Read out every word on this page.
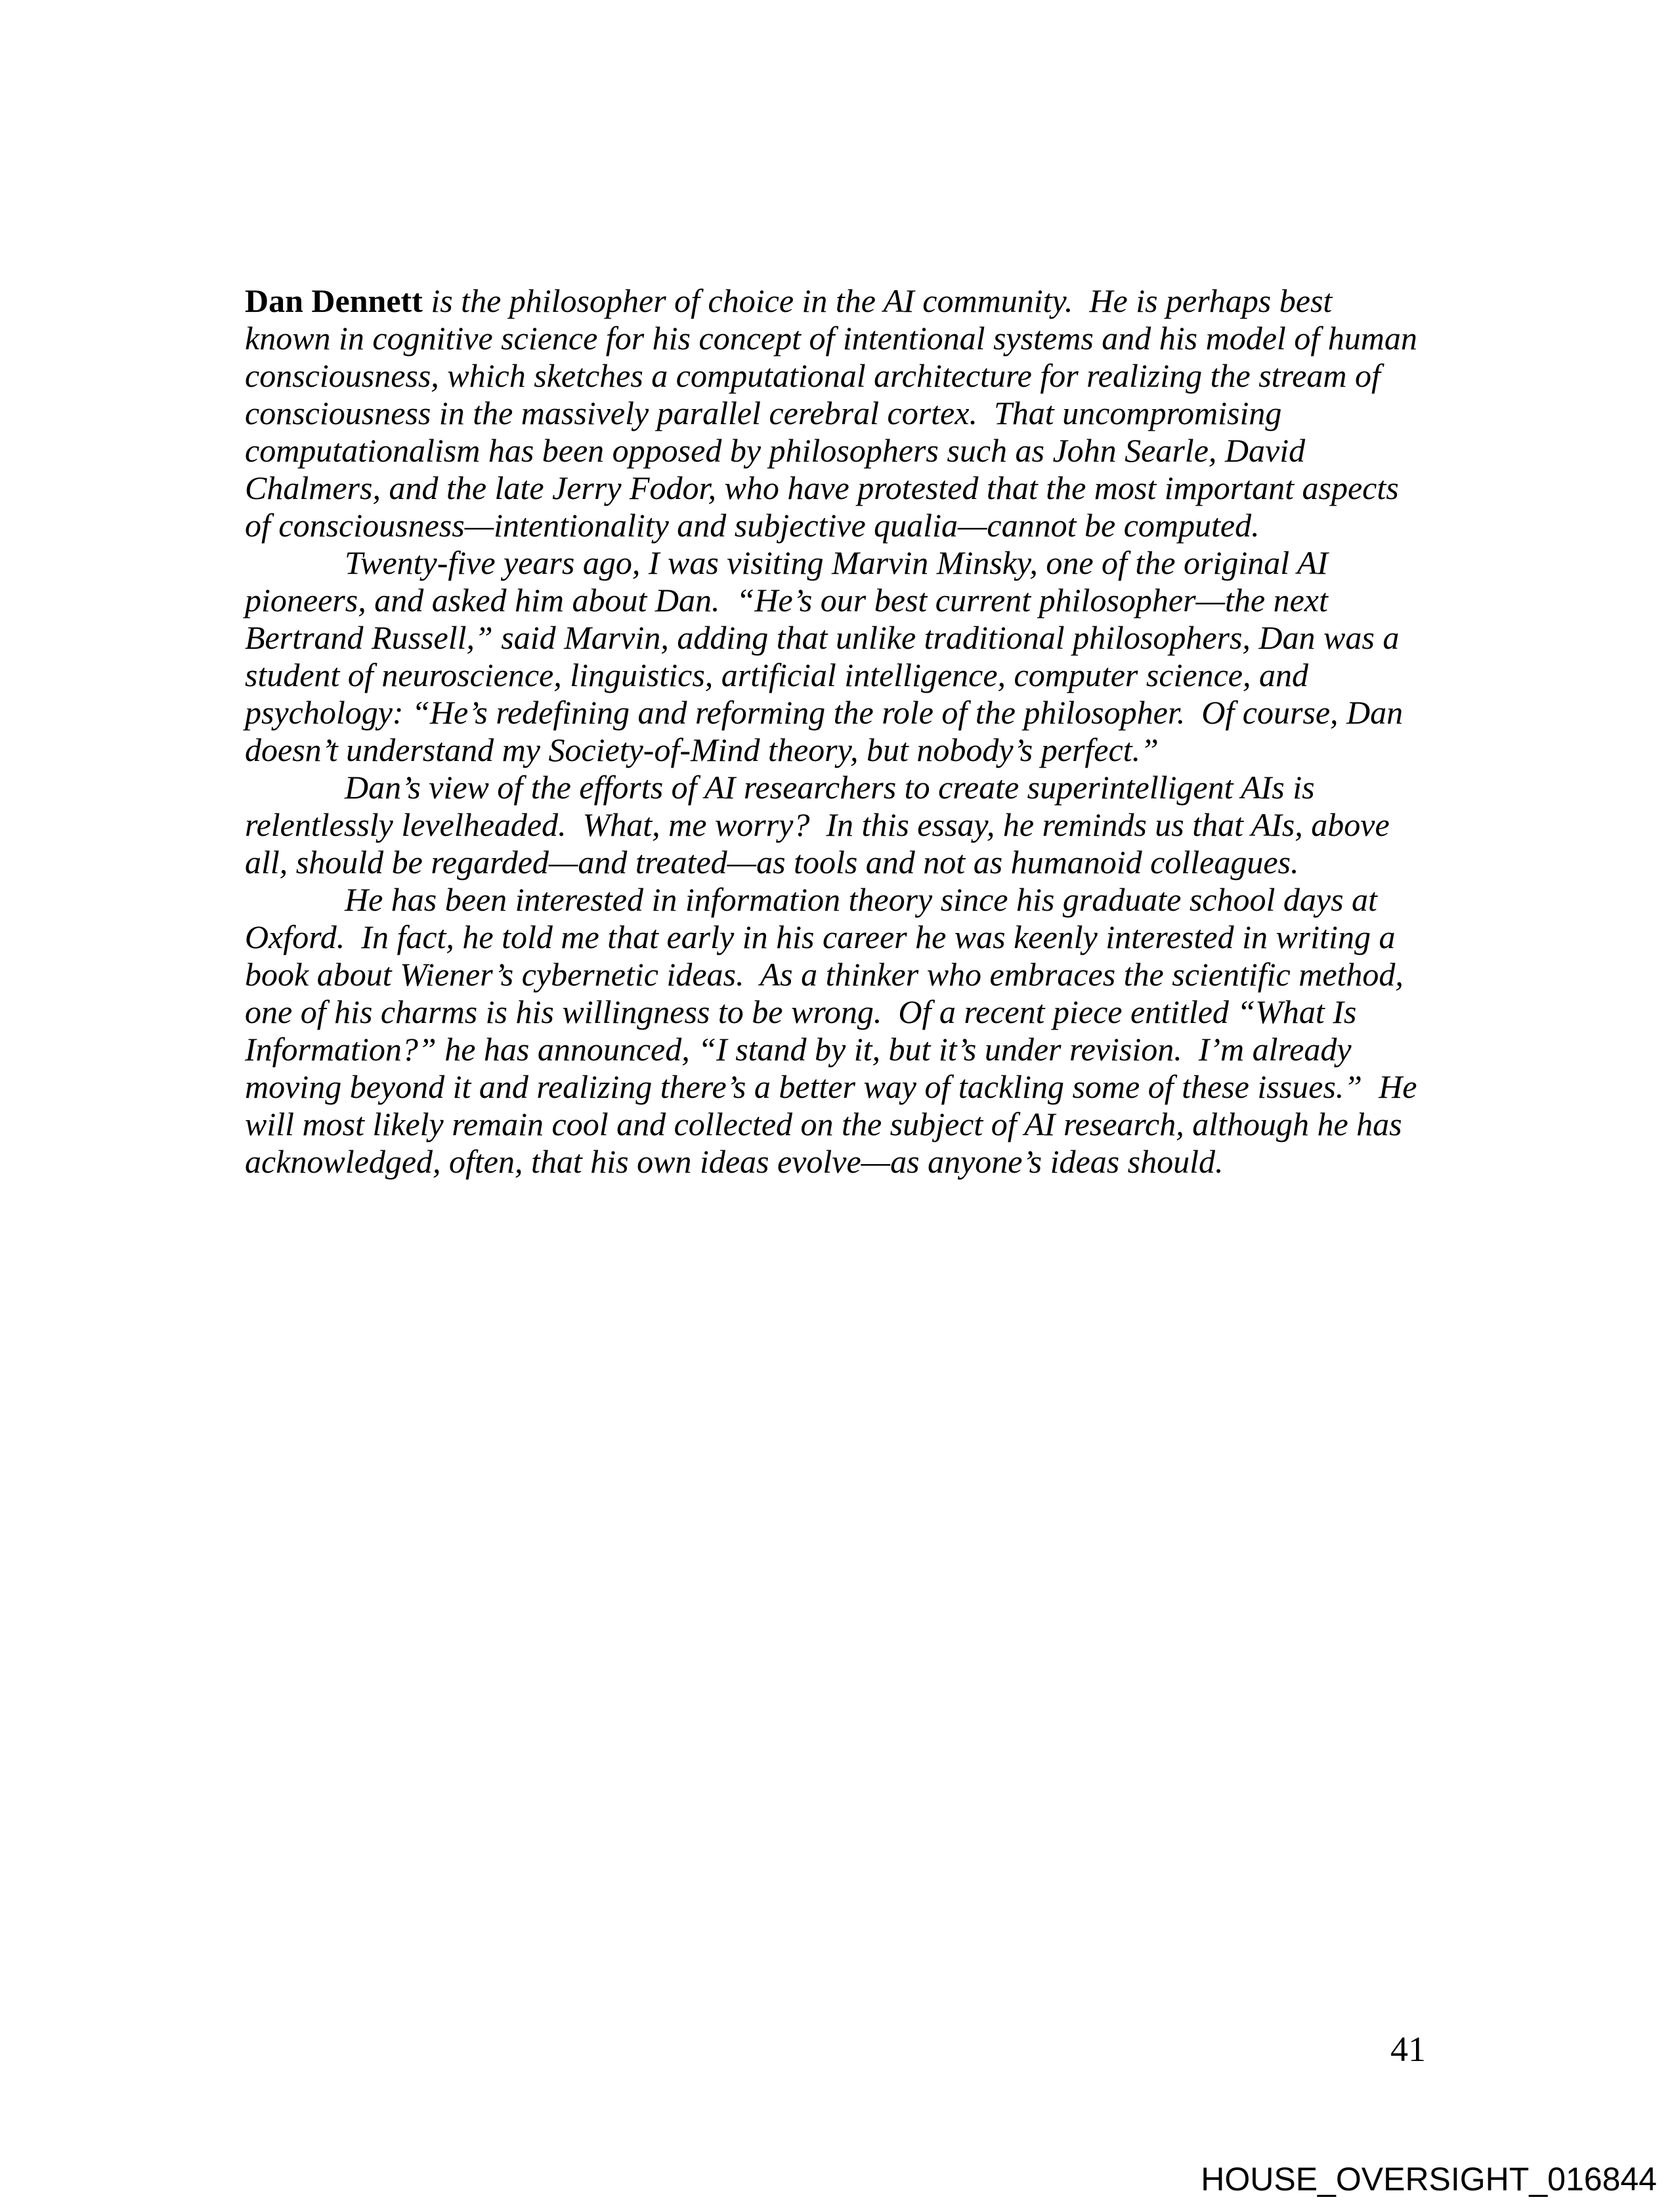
Dan Dennett is the philosopher of choice in the AI community.  He is perhaps best
known in cognitive science for his concept of intentional systems and his model of human
consciousness, which sketches a computational architecture for realizing the stream of
consciousness in the massively parallel cerebral cortex.  That uncompromising
computationalism has been opposed by philosophers such as John Searle, David
Chalmers, and the late Jerry Fodor, who have protested that the most important aspects
of consciousness—intentionality and subjective qualia—cannot be computed.
Twenty-five years ago, I was visiting Marvin Minsky, one of the original AI
pioneers, and asked him about Dan.  “He’s our best current philosopher—the next
Bertrand Russell,” said Marvin, adding that unlike traditional philosophers, Dan was a
student of neuroscience, linguistics, artificial intelligence, computer science, and
psychology: “He’s redefining and reforming the role of the philosopher.  Of course, Dan
doesn’t understand my Society-of-Mind theory, but nobody’s perfect.”
Dan’s view of the efforts of AI researchers to create superintelligent AIs is
relentlessly levelheaded.  What, me worry?  In this essay, he reminds us that AIs, above
all, should be regarded—and treated—as tools and not as humanoid colleagues.
He has been interested in information theory since his graduate school days at
Oxford.  In fact, he told me that early in his career he was keenly interested in writing a
book about Wiener’s cybernetic ideas.  As a thinker who embraces the scientific method,
one of his charms is his willingness to be wrong.  Of a recent piece entitled “What Is
Information?” he has announced, “I stand by it, but it’s under revision.  I’m already
moving beyond it and realizing there’s a better way of tackling some of these issues.”  He
will most likely remain cool and collected on the subject of AI research, although he has
acknowledged, often, that his own ideas evolve—as anyone’s ideas should.
41
HOUSE_OVERSIGHT_016844
